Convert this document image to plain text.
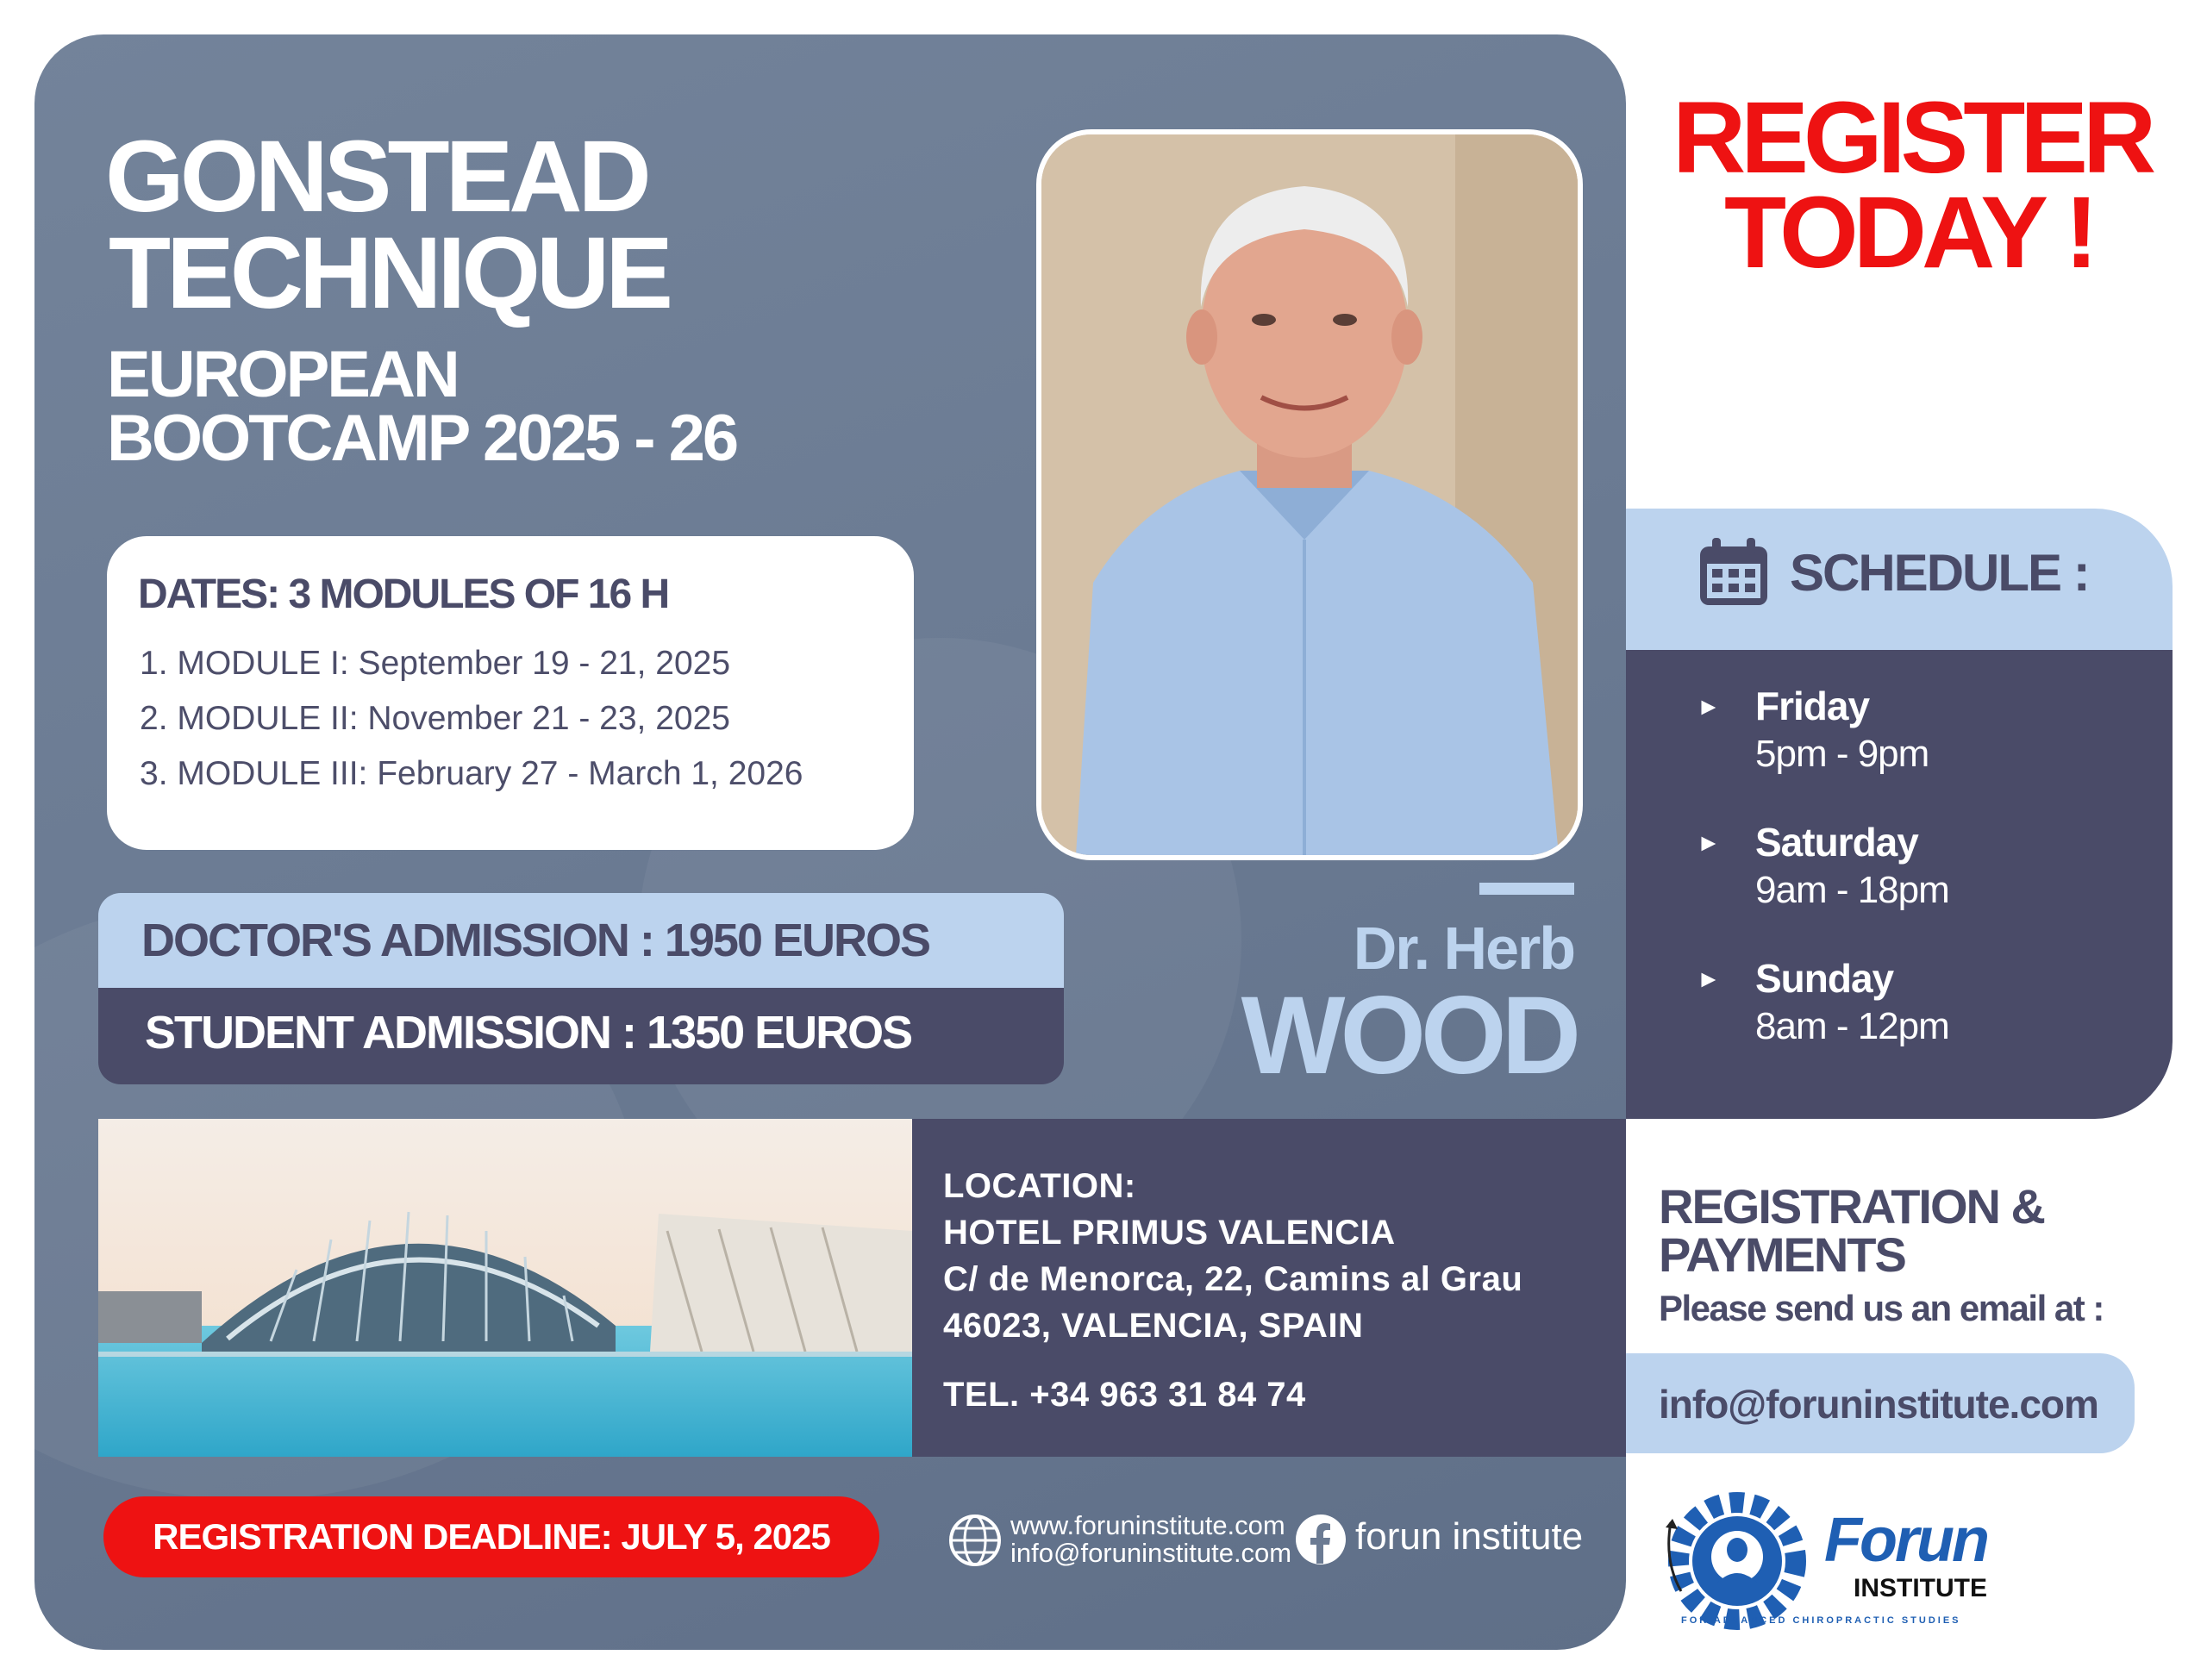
GONSTEAD
TECHNIQUE
EUROPEAN
BOOTCAMP 2025 - 26
DATES: 3 MODULES OF 16 H
1. MODULE I: September 19 - 21, 2025
2. MODULE II: November 21 - 23, 2025
3. MODULE III: February 27 - March 1, 2026
DOCTOR'S ADMISSION : 1950 EUROS
STUDENT ADMISSION : 1350 EUROS
Dr. Herb
WOOD
REGISTER
TODAY !
SCHEDULE :
► Friday
5pm - 9pm
► Saturday
9am - 18pm
► Sunday
8am - 12pm
LOCATION:
HOTEL PRIMUS VALENCIA
C/ de Menorca, 22, Camins al Grau
46023, VALENCIA, SPAIN
TEL. +34 963 31 84 74
REGISTRATION &
PAYMENTS
Please send us an email at :
info@foruninstitute.com
REGISTRATION DEADLINE: JULY 5, 2025	www.foruninstitute.com
info@foruninstitute.com forun institute	Forun
INSTITUTE
FOR ADVANCED CHIROPRACTIC STUDIES
